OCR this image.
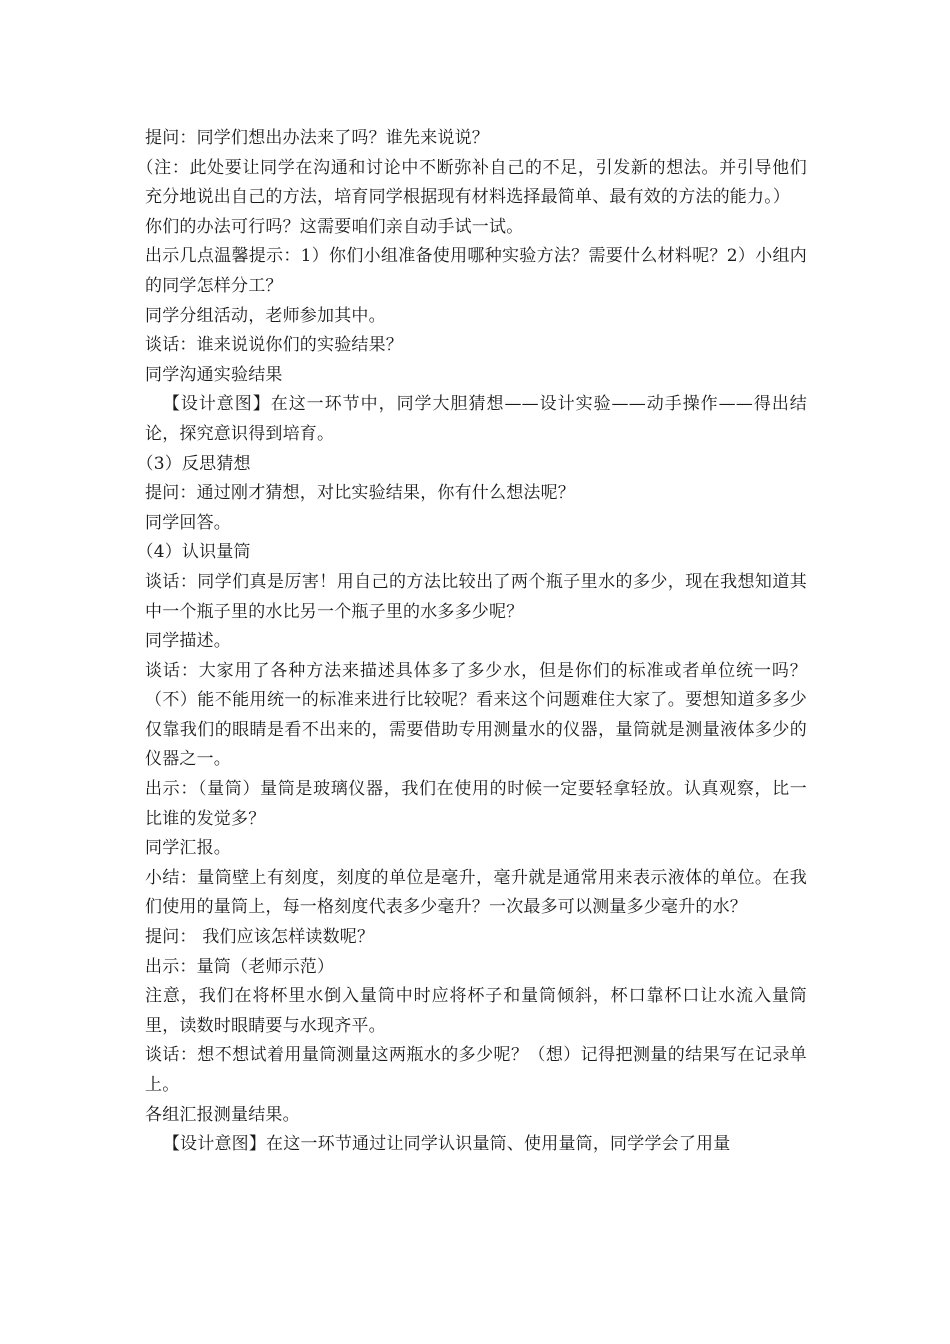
提问：同学们想出办法来了吗？谁先来说说？

（注：此处要让同学在沟通和讨论中不断弥补自己的不足，引发新的想法。并引导他们充分地说出自己的方法，培育同学根据现有材料选择最简单、最有效的方法的能力。）

你们的办法可行吗？这需要咱们亲自动手试一试。

出示几点温馨提示：1）你们小组准备使用哪种实验方法？需要什么材料呢？2）小组内的同学怎样分工？

同学分组活动，老师参加其中。

谈话：谁来说说你们的实验结果？

同学沟通实验结果

【设计意图】在这一环节中，同学大胆猜想——设计实验——动手操作——得出结论，探究意识得到培育。

（3）反思猜想

提问：通过刚才猜想，对比实验结果，你有什么想法呢？

同学回答。

（4）认识量筒

谈话：同学们真是厉害！用自己的方法比较出了两个瓶子里水的多少，现在我想知道其中一个瓶子里的水比另一个瓶子里的水多多少呢？

同学描述。

谈话：大家用了各种方法来描述具体多了多少水，但是你们的标准或者单位统一吗？（不）能不能用统一的标准来进行比较呢？看来这个问题难住大家了。要想知道多多少仅靠我们的眼睛是看不出来的，需要借助专用测量水的仪器，量筒就是测量液体多少的仪器之一。

出示：（量筒）量筒是玻璃仪器，我们在使用的时候一定要轻拿轻放。认真观察，比一比谁的发觉多？

同学汇报。

小结：量筒壁上有刻度，刻度的单位是毫升，毫升就是通常用来表示液体的单位。在我们使用的量筒上，每一格刻度代表多少毫升？一次最多可以测量多少毫升的水？

提问： 我们应该怎样读数呢？

出示：量筒（老师示范）

注意，我们在将杯里水倒入量筒中时应将杯子和量筒倾斜，杯口靠杯口让水流入量筒里，读数时眼睛要与水现齐平。

谈话：想不想试着用量筒测量这两瓶水的多少呢？（想）记得把测量的结果写在记录单上。

各组汇报测量结果。

【设计意图】在这一环节通过让同学认识量筒、使用量筒，同学学会了用量
